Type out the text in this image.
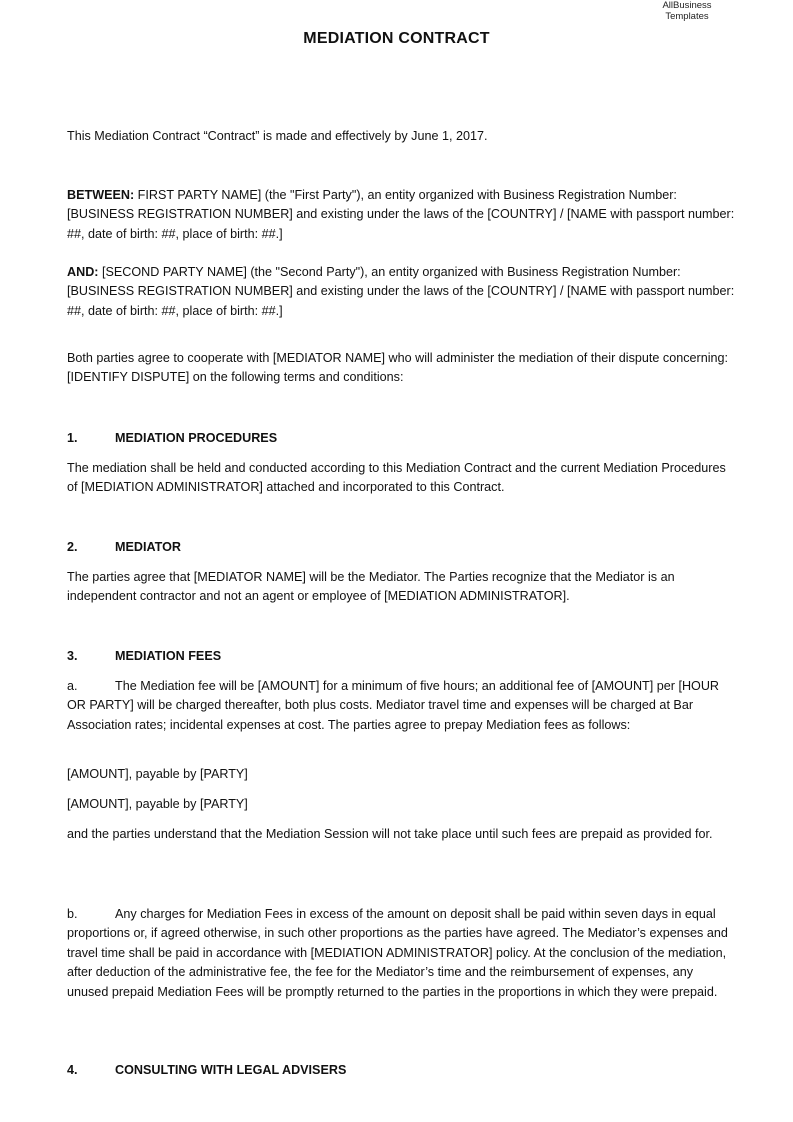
AllBusiness
Templates
MEDIATION CONTRACT

This Mediation Contract “Contract” is made and effectively by June 1, 2017.

BETWEEN: FIRST PARTY NAME] (the "First Party"), an entity organized with Business Registration Number: [BUSINESS REGISTRATION NUMBER] and existing under the laws of the [COUNTRY] / [NAME with passport number: ##, date of birth: ##, place of birth: ##.]

AND: [SECOND PARTY NAME] (the "Second Party"), an entity organized with Business Registration Number: [BUSINESS REGISTRATION NUMBER] and existing under the laws of the [COUNTRY] / [NAME with passport number: ##, date of birth: ##, place of birth: ##.]

Both parties agree to cooperate with [MEDIATOR NAME] who will administer the mediation of their dispute concerning: [IDENTIFY DISPUTE] on the following terms and conditions:

1.	MEDIATION PROCEDURES

The mediation shall be held and conducted according to this Mediation Contract and the current Mediation Procedures of [MEDIATION ADMINISTRATOR] attached and incorporated to this Contract.

2.	MEDIATOR

The parties agree that [MEDIATOR NAME] will be the Mediator. The Parties recognize that the Mediator is an independent contractor and not an agent or employee of [MEDIATION ADMINISTRATOR].

3.	MEDIATION FEES

a.	The Mediation fee will be [AMOUNT] for a minimum of five hours; an additional fee of [AMOUNT] per [HOUR OR PARTY] will be charged thereafter, both plus costs. Mediator travel time and expenses will be charged at Bar Association rates; incidental expenses at cost. The parties agree to prepay Mediation fees as follows:

[AMOUNT], payable by [PARTY]

[AMOUNT], payable by [PARTY]

and the parties understand that the Mediation Session will not take place until such fees are prepaid as provided for.

b.	Any charges for Mediation Fees in excess of the amount on deposit shall be paid within seven days in equal proportions or, if agreed otherwise, in such other proportions as the parties have agreed. The Mediator’s expenses and travel time shall be paid in accordance with [MEDIATION ADMINISTRATOR] policy. At the conclusion of the mediation, after deduction of the administrative fee, the fee for the Mediator’s time and the reimbursement of expenses, any unused prepaid Mediation Fees will be promptly returned to the parties in the proportions in which they were prepaid.

4.	CONSULTING WITH LEGAL ADVISERS
